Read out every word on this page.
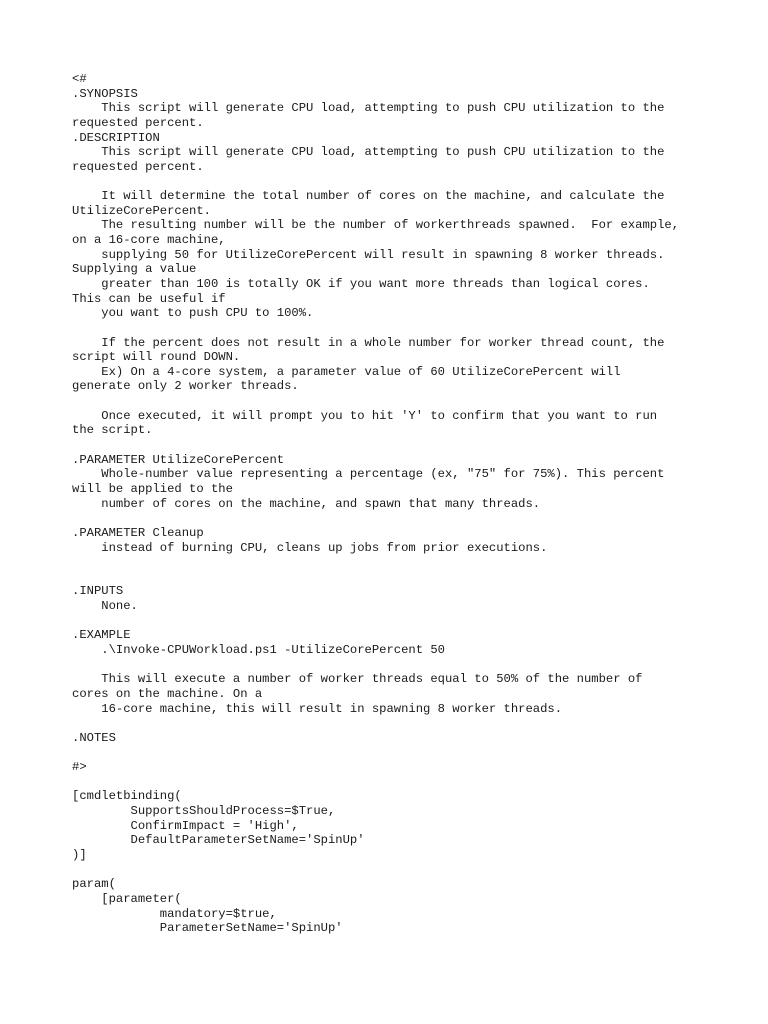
<#
.SYNOPSIS
This script will generate CPU load, attempting to push CPU utilization to the
requested percent.
.DESCRIPTION
This script will generate CPU load, attempting to push CPU utilization to the
requested percent.

It will determine the total number of cores on the machine, and calculate the
UtilizeCorePercent.
The resulting number will be the number of workerthreads spawned.  For example,
on a 16-core machine,
supplying 50 for UtilizeCorePercent will result in spawning 8 worker threads.
Supplying a value
greater than 100 is totally OK if you want more threads than logical cores.
This can be useful if
you want to push CPU to 100%.

If the percent does not result in a whole number for worker thread count, the
script will round DOWN.
Ex) On a 4-core system, a parameter value of 60 UtilizeCorePercent will
generate only 2 worker threads.

Once executed, it will prompt you to hit 'Y' to confirm that you want to run
the script.

.PARAMETER UtilizeCorePercent
Whole-number value representing a percentage (ex, "75" for 75%). This percent
will be applied to the
number of cores on the machine, and spawn that many threads.

.PARAMETER Cleanup
instead of burning CPU, cleans up jobs from prior executions.

.INPUTS
None.

.EXAMPLE
.\Invoke-CPUWorkload.ps1 -UtilizeCorePercent 50

This will execute a number of worker threads equal to 50% of the number of
cores on the machine. On a
16-core machine, this will result in spawning 8 worker threads.

.NOTES

#>

[cmdletbinding(
SupportsShouldProcess=$True,
ConfirmImpact = 'High',
DefaultParameterSetName='SpinUp'
)]

param(
[parameter(
mandatory=$true,
ParameterSetName='SpinUp'
